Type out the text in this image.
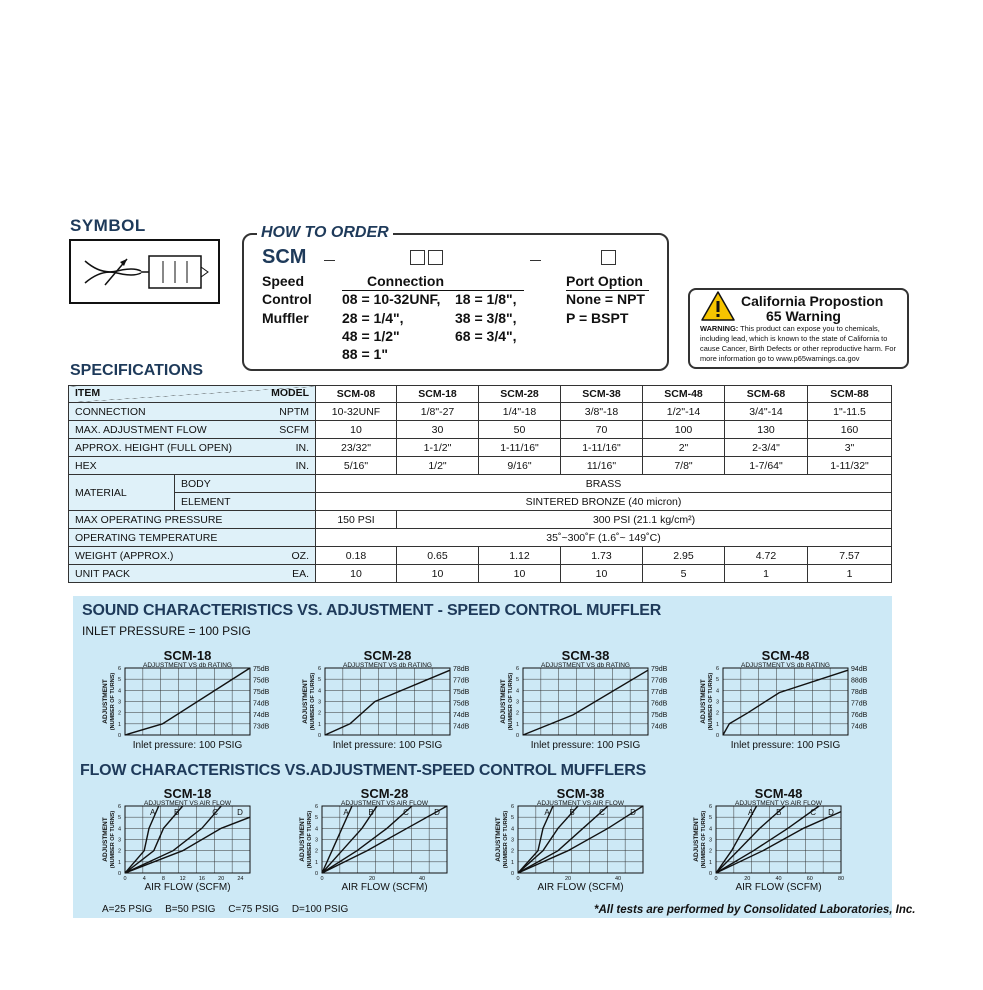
SYMBOL	HOW TO ORDER
SCM
Speed
Control
Muffler
Connection
08 = 10-32UNF,
28 = 1/4",
48 = 1/2"
88 = 1"
18 = 1/8",
38 = 3/8",
68 = 3/4",
Port Option
None = NPT
P = BSPT
California Propostion
65 Warning
WARNING: This product can expose you to chemicals, including lead, which is known to the state of California to cause Cancer, Birth Defects or other reproductive harm. For more information go to www.p65warnings.ca.gov
SPECIFICATIONS
ITEM MODEL		SCM-08	SCM-18	SCM-28	SCM-38	SCM-48	SCM-68	SCM-88
CONNECTION NPTM		10-32UNF	1/8"-27	1/4"-18	3/8"-18	1/2"-14	3/4"-14	1"-11.5
MAX. ADJUSTMENT FLOW SCFM		10	30	50	70	100	130	160
APPROX. HEIGHT (FULL OPEN) IN.		23/32"	1-1/2"	1-11/16"	1-11/16"	2"	2-3/4"	3"
HEX IN.		5/16"	1/2"	9/16"	11/16"	7/8"	1-7/64"	1-11/32"
MATERIAL	BODY	BRASS						
	ELEMENT	SINTERED BRONZE (40 micron)						
MAX OPERATING PRESSURE		150 PSI	300 PSI (21.1 kg/cm²)					
OPERATING TEMPERATURE		35˚~300˚F (1.6˚~ 149˚C)						
WEIGHT (APPROX.) OZ.		0.18	0.65	1.12	1.73	2.95	4.72	7.57
UNIT PACK EA.		10	10	10	10	5	1	1
SOUND CHARACTERISTICS VS. ADJUSTMENT - SPEED CONTROL MUFFLER
INLET PRESSURE = 100 PSIG
FLOW CHARACTERISTICS VS.ADJUSTMENT-SPEED CONTROL MUFFLERS
SCM-18
ADJUSTMENT VS db RATING
0
1
2
3
4
5
6
ADJUSTMENT (NUMBER OF TURNS)
75dB
75dB
75dB
74dB
74dB
73dB
Inlet pressure: 100 PSIG
SCM-28
ADJUSTMENT VS db RATING
0
1
2
3
4
5
6
ADJUSTMENT (NUMBER OF TURNS)
78dB
77dB
75dB
75dB
74dB
74dB
Inlet pressure: 100 PSIG
SCM-38
ADJUSTMENT VS db RATING
0
1
2
3
4
5
6
ADJUSTMENT (NUMBER OF TURNS)
79dB
77dB
77dB
76dB
75dB
74dB
Inlet pressure: 100 PSIG
SCM-48
ADJUSTMENT VS db RATING
0
1
2
3
4
5
6
ADJUSTMENT (NUMBER OF TURNS)
94dB
88dB
78dB
77dB
76dB
74dB
Inlet pressure: 100 PSIG
SCM-18
ADJUSTMENT VS AIR FLOW
0
1
2
3
4
5
6
ADJUSTMENT (NUMBER OF TURNS)
0	4	8	12 16 20 24
AIR FLOW (SCFM)
A B	C D
SCM-28
ADJUSTMENT VS AIR FLOW
0
1
2
3
4
5
6
ADJUSTMENT (NUMBER OF TURNS)
0	20	40
AIR FLOW (SCFM)
A B	C	D
SCM-38
ADJUSTMENT VS AIR FLOW
0
1
2
3
4
5
6
ADJUSTMENT (NUMBER OF TURNS)
0	20	40
AIR FLOW (SCFM)
A B	C	D
SCM-48
ADJUSTMENT VS AIR FLOW
0
1
2
3
4
5
6
ADJUSTMENT (NUMBER OF TURNS)
0	20	40	60	80
AIR FLOW (SCFM)
A	B	C D
A=25 PSIG B=50 PSIG C=75 PSIG D=100 PSIG	*All tests are performed by Consolidated Laboratories, Inc.
